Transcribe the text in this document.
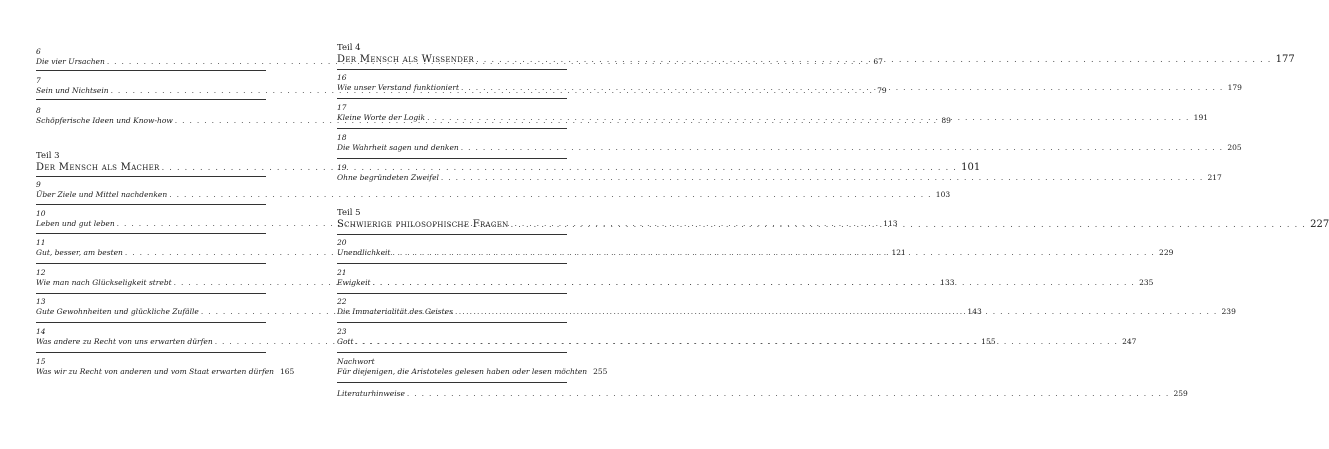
6
Die vier Ursachen . . .	67
7
Sein und Nichtsein . . .	79
8
Schöpferische Ideen und Know-how . . .	89
Teil 3
Der Mensch als Macher . . .	101
9
Über Ziele und Mittel nachdenken . . .	103
10
Leben und gut leben . . .	113
11
Gut, besser, am besten . . .	121
12
Wie man nach Glückseligkeit strebt . . .	133
13
Gute Gewohnheiten und glückliche Zufälle . . .	143
14
Was andere zu Recht von uns erwarten dürfen . . .	155
15
Was wir zu Recht von anderen und vom Staat erwarten dürfen 165
Teil 4
Der Mensch als Wissender . . .	177
16
Wie unser Verstand funktioniert . . .	179
17
Kleine Worte der Logik . . .	191
18
Die Wahrheit sagen und denken . . .	205
19
Ohne begründeten Zweifel . . .	217
Teil 5
Schwierige philosophische Fragen . . .	227
20
Unendlichkeit . . .	229
21
Ewigkeit . . .	235
22
Die Immaterialität des Geistes . . .	239
23
Gott . . .	247
Nachwort
Für diejenigen, die Aristoteles gelesen haben oder lesen möchten 255
Literaturhinweise . . .	259
